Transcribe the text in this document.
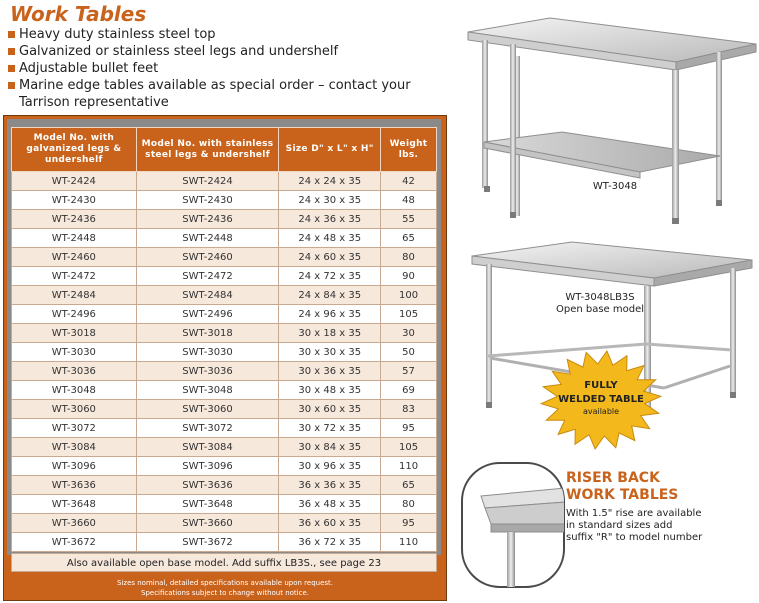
Work Tables
Heavy duty stainless steel top
Galvanized or stainless steel legs and undershelf
Adjustable bullet feet
Marine edge tables available as special order – contact your Tarrison representative
Model No. with galvanized legs & undershelf	Model No. with stainless steel legs & undershelf	Size D" x L" x H"	Weight lbs.
WT-2424	SWT-2424	24 x 24 x 35	42
WT-2430	SWT-2430	24 x 30 x 35	48
WT-2436	SWT-2436	24 x 36 x 35	55
WT-2448	SWT-2448	24 x 48 x 35	65
WT-2460	SWT-2460	24 x 60 x 35	80
WT-2472	SWT-2472	24 x 72 x 35	90
WT-2484	SWT-2484	24 x 84 x 35	100
WT-2496	SWT-2496	24 x 96 x 35	105
WT-3018	SWT-3018	30 x 18 x 35	30
WT-3030	SWT-3030	30 x 30 x 35	50
WT-3036	SWT-3036	30 x 36 x 35	57
WT-3048	SWT-3048	30 x 48 x 35	69
WT-3060	SWT-3060	30 x 60 x 35	83
WT-3072	SWT-3072	30 x 72 x 35	95
WT-3084	SWT-3084	30 x 84 x 35	105
WT-3096	SWT-3096	30 x 96 x 35	110
WT-3636	SWT-3636	36 x 36 x 35	65
WT-3648	SWT-3648	36 x 48 x 35	80
WT-3660	SWT-3660	36 x 60 x 35	95
WT-3672	SWT-3672	36 x 72 x 35	110
Also available open base model. Add suffix LB3S., see page 23
Sizes nominal, detailed specifications available upon request.
Specifications subject to change without notice.
WT-3048
WT-3048LB3S
Open base model
FULLY
WELDED TABLE
available
RISER BACK
WORK TABLES
With 1.5" rise are available
in standard sizes add
suffix "R" to model number
